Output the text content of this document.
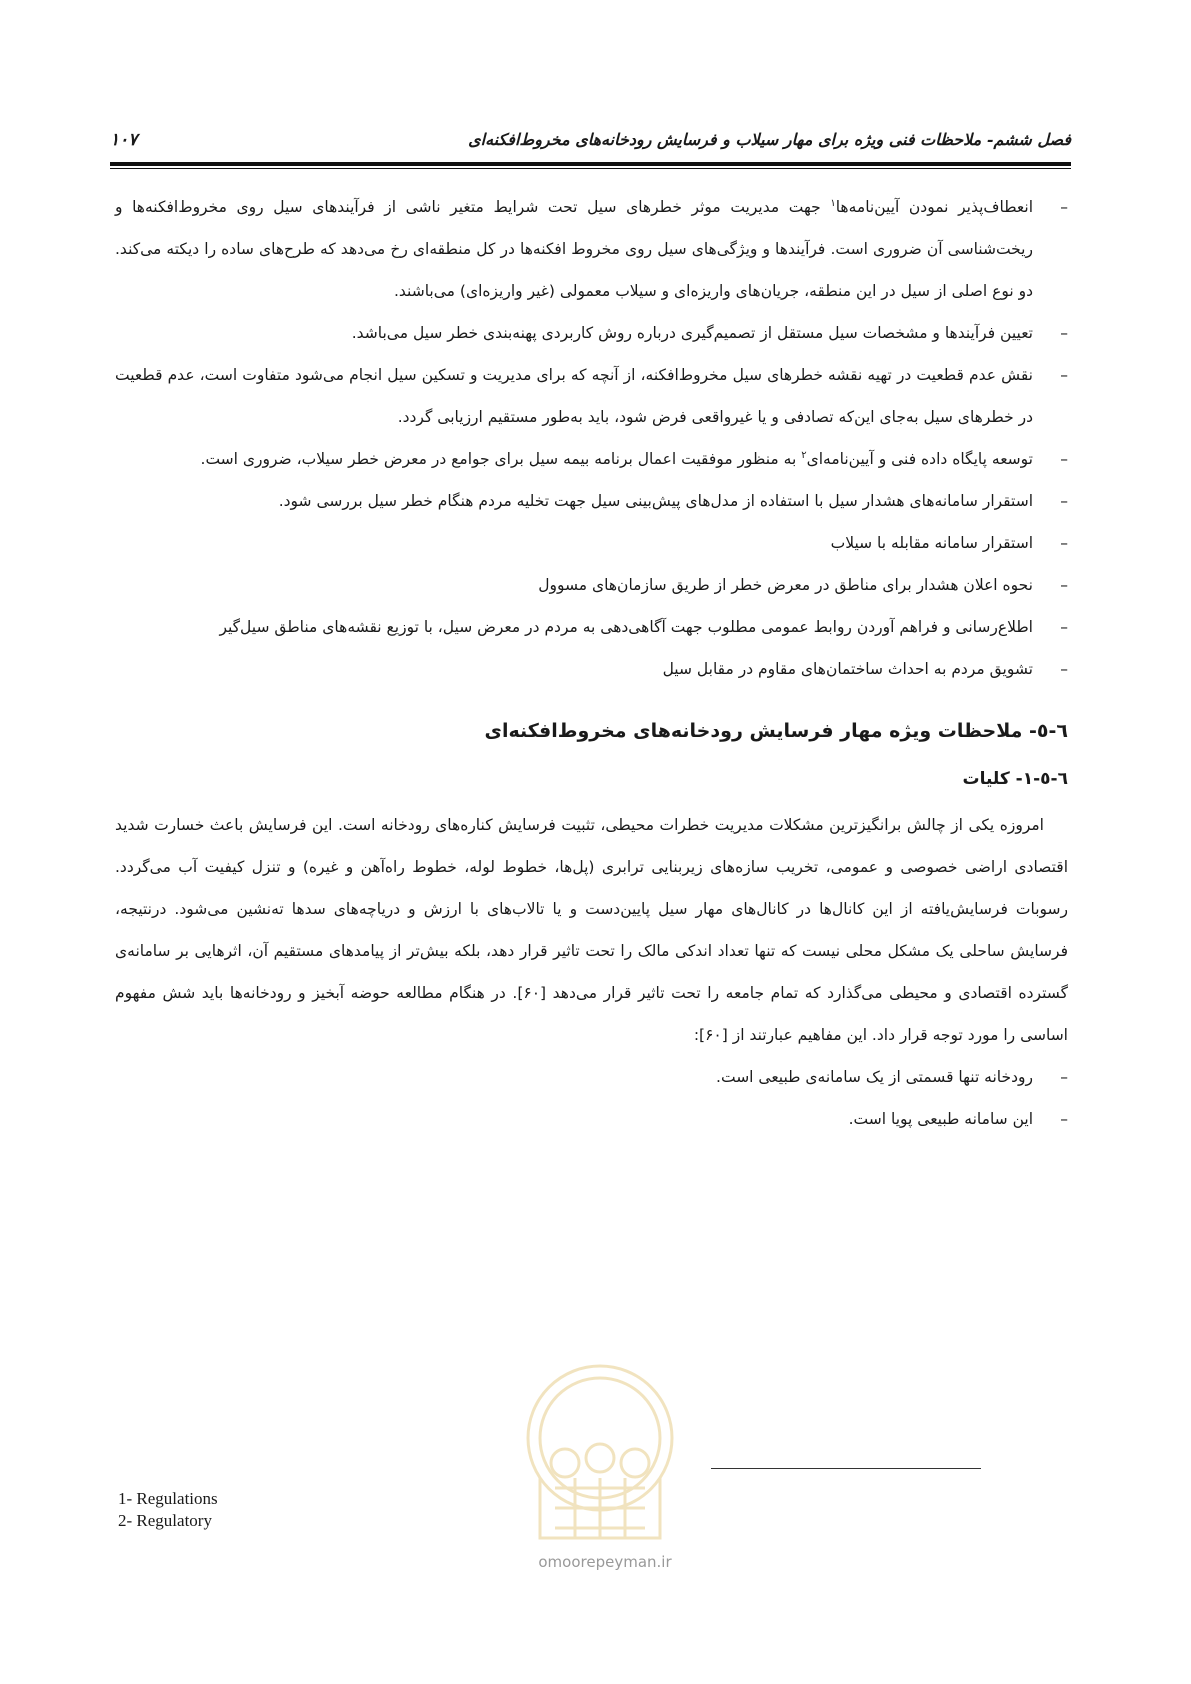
فصل ششم- ملاحظات فنی ویژه برای مهار سیلاب و فرسایش رودخانه‌های مخروط‌افکنه‌ای
۱۰۷
–
انعطاف‌پذیر نمودن آیین‌نامه‌ها$^۱$ جهت مدیریت موثر خطرهای سیل تحت شرایط متغیر ناشی از فرآیندهای سیل روی مخروط‌افکنه‌ها و ریخت‌شناسی آن ضروری است. فرآیندها و ویژگی‌های سیل روی مخروط افکنه‌ها در کل منطقه‌ای رخ می‌دهد که طرح‌های ساده را دیکته می‌کند. دو نوع اصلی از سیل در این منطقه، جریان‌های واریزه‌ای و سیلاب معمولی (غیر واریزه‌ای) می‌باشند.
–
تعیین فرآیندها و مشخصات سیل مستقل از تصمیم‌گیری درباره روش کاربردی پهنه‌بندی خطر سیل می‌باشد.
–
نقش عدم قطعیت در تهیه نقشه خطرهای سیل مخروط‌افکنه، از آنچه که برای مدیریت و تسکین سیل انجام می‌شود متفاوت است، عدم قطعیت در خطرهای سیل به‌جای این‌که تصادفی و یا غیرواقعی فرض شود، باید به‌طور مستقیم ارزیابی گردد.
–
توسعه پایگاه داده فنی و آیین‌نامه‌ای$^۲$ به منظور موفقیت اعمال برنامه بیمه سیل برای جوامع در معرض خطر سیلاب، ضروری است.
–
استقرار سامانه‌های هشدار سیل با استفاده از مدل‌های پیش‌بینی سیل جهت تخلیه مردم هنگام خطر سیل بررسی شود.
–
استقرار سامانه مقابله با سیلاب
–
نحوه اعلان هشدار برای مناطق در معرض خطر از طریق سازمان‌های مسوول
–
اطلاع‌رسانی و فراهم آوردن روابط عمومی مطلوب جهت آگاهی‌دهی به مردم در معرض سیل، با توزیع نقشه‌های مناطق سیل‌گیر
–
تشویق مردم به احداث ساختمان‌های مقاوم در مقابل سیل
٦-٥- ملاحظات ویژه مهار فرسایش رودخانه‌های مخروط‌افکنه‌ای
٦-٥-١- کلیات

امروزه یکی از چالش برانگیزترین مشکلات مدیریت خطرات محیطی، تثبیت فرسایش کناره‌های رودخانه است. این فرسایش باعث خسارت شدید اقتصادی اراضی خصوصی و عمومی، تخریب سازه‌های زیربنایی ترابری (پل‌ها، خطوط لوله، خطوط راه‌آهن و غیره) و تنزل کیفیت آب می‌گردد. رسوبات فرسایش‌یافته از این کانال‌ها در کانال‌های مهار سیل پایین‌دست و یا تالاب‌های با ارزش و دریاچه‌های سدها ته‌نشین می‌شود. درنتیجه، فرسایش ساحلی یک مشکل محلی نیست که تنها تعداد اندکی مالک را تحت تاثیر قرار دهد، بلکه بیش‌تر از پیامدهای مستقیم آن، اثرهایی بر سامانه‌ی گسترده اقتصادی و محیطی می‌گذارد که تمام جامعه را تحت تاثیر قرار می‌دهد [۶۰]. در هنگام مطالعه حوضه آبخیز و رودخانه‌ها باید شش مفهوم اساسی را مورد توجه قرار داد. این مفاهیم عبارتند از [۶۰]:

–
رودخانه تنها قسمتی از یک سامانه‌ی طبیعی است.
–
این سامانه طبیعی پویا است.
omoorepeyman.ir
1- Regulations
2- Regulatory
